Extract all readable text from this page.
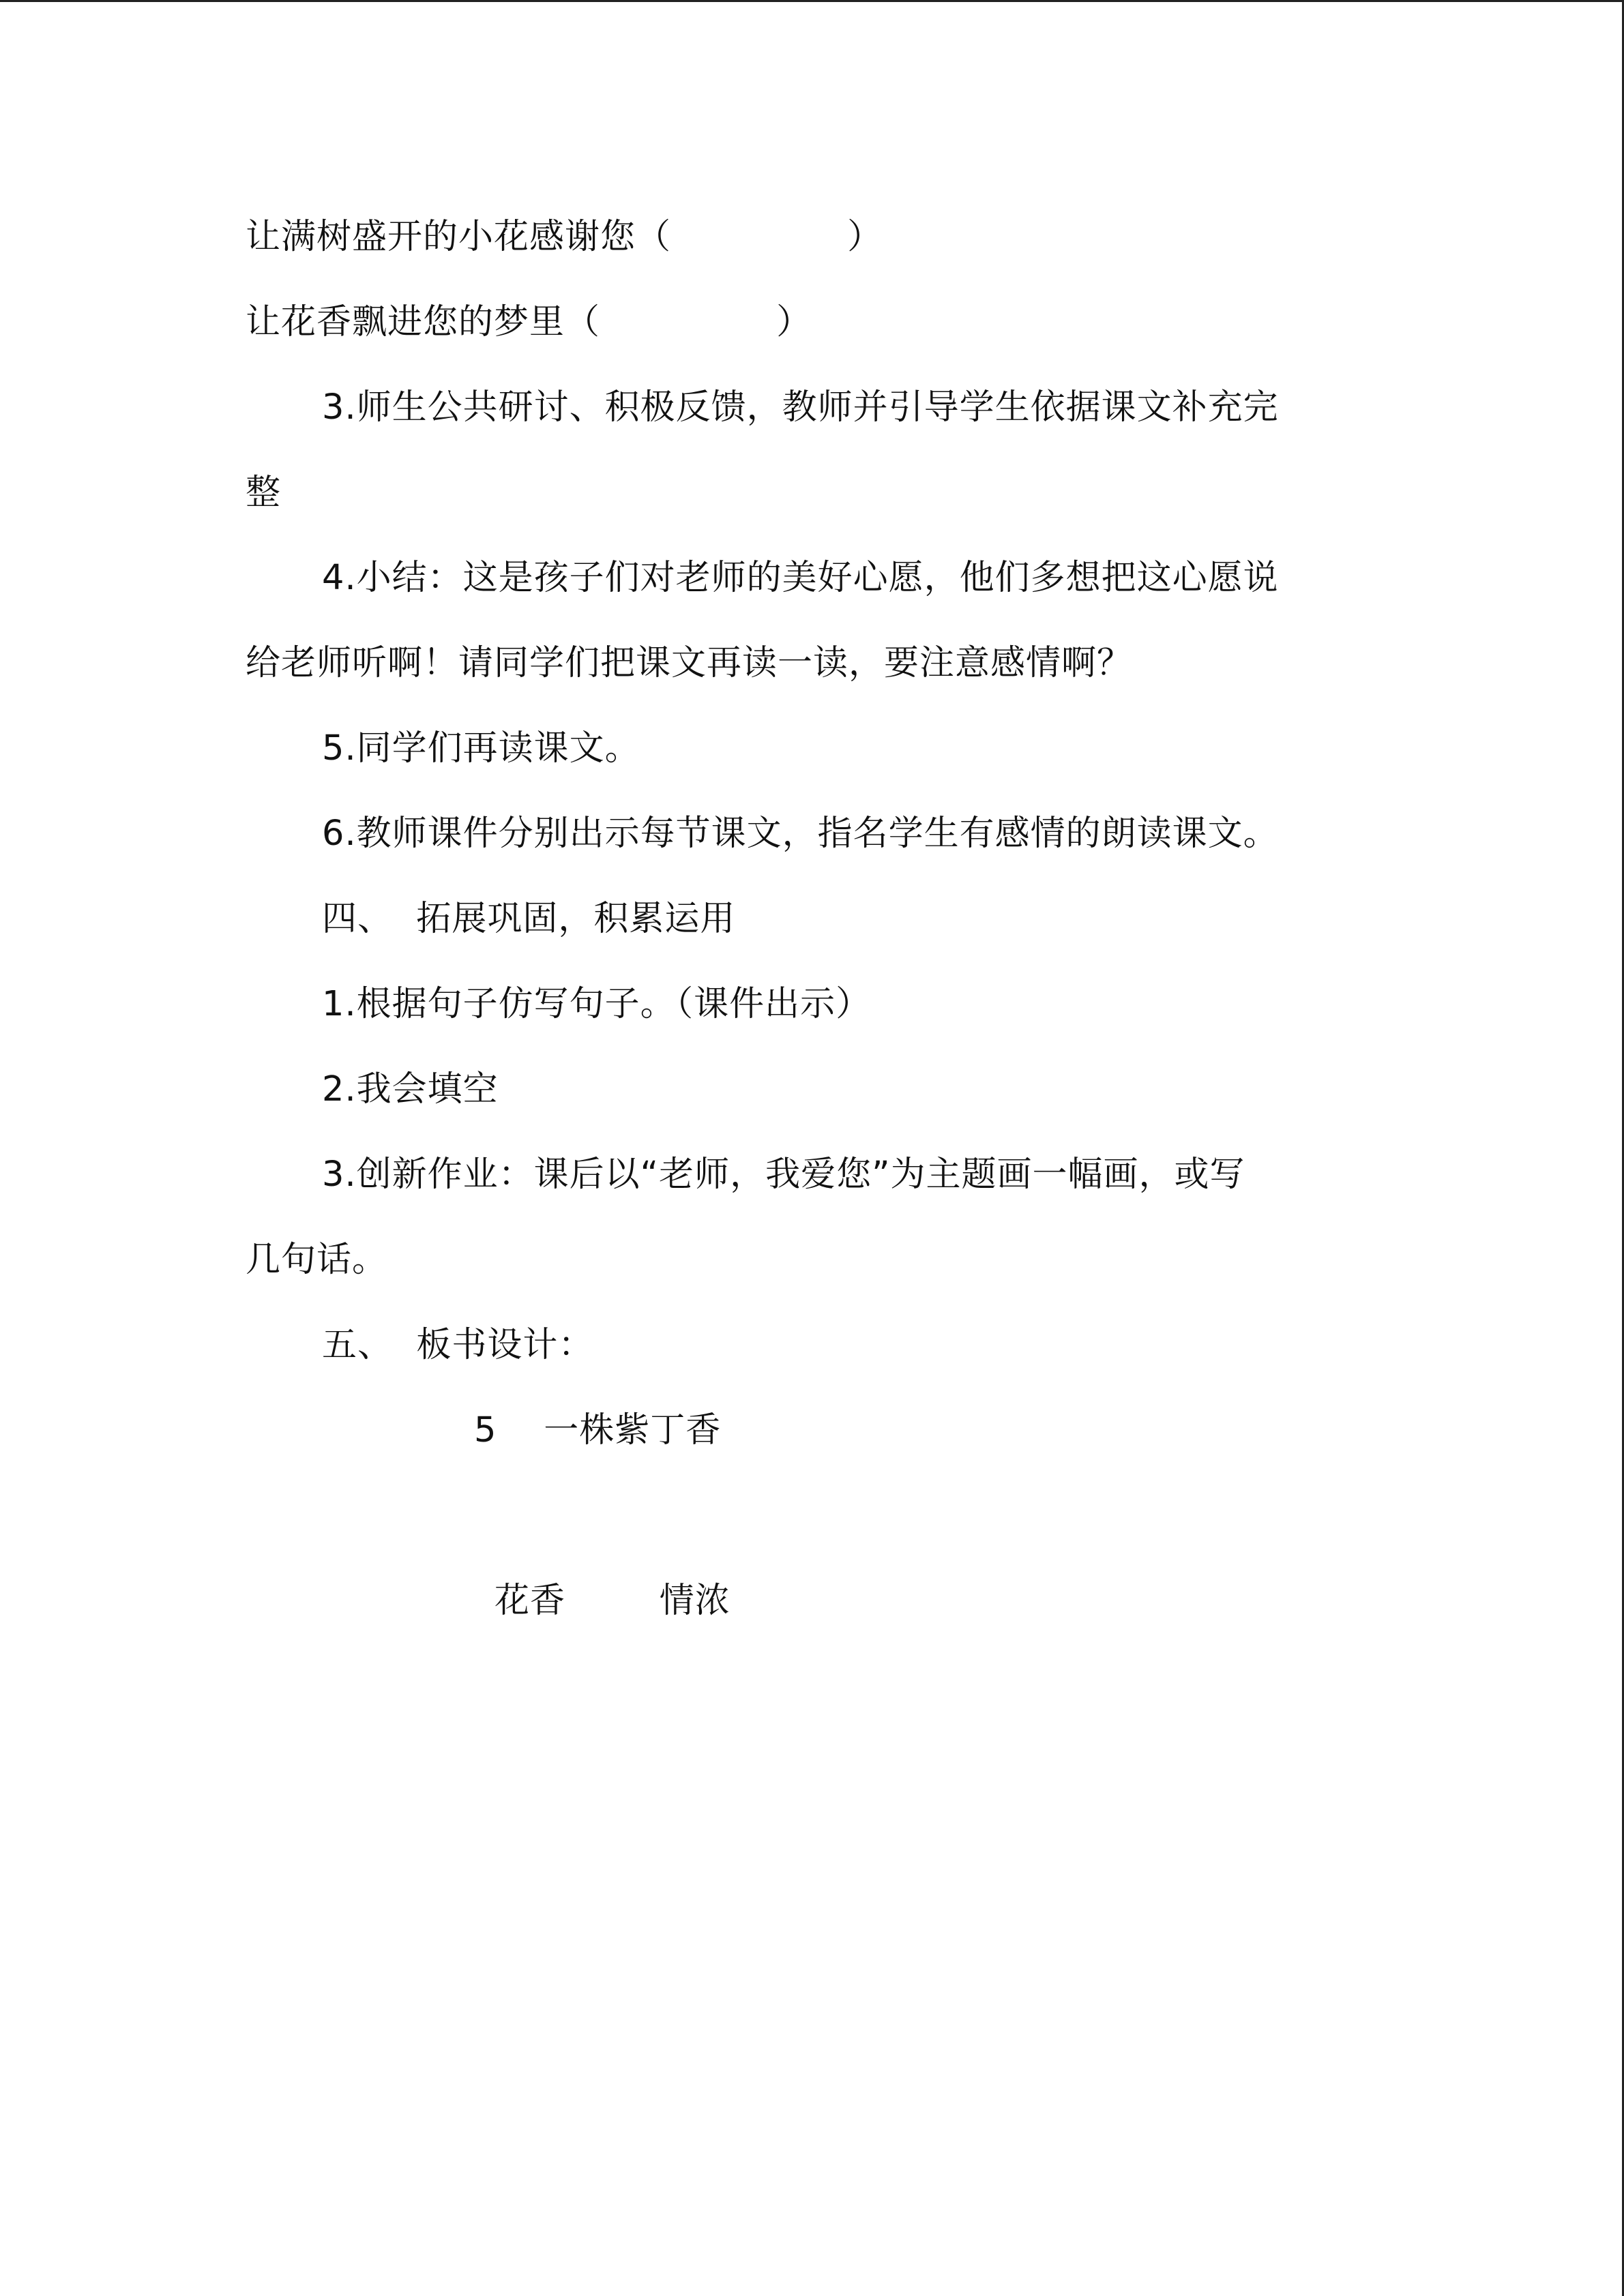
让满树盛开的小花感谢您（               ）
让花香飘进您的梦里（               ）
3.师生公共研讨、积极反馈，教师并引导学生依据课文补充完
整
4.小结：这是孩子们对老师的美好心愿，他们多想把这心愿说
给老师听啊！请同学们把课文再读一读，要注意感情啊？
5.同学们再读课文。
6.教师课件分别出示每节课文，指名学生有感情的朗读课文。
四、  拓展巩固，积累运用
1.根据句子仿写句子。（课件出示）
2.我会填空
3.创新作业：课后以“老师，我爱您”为主题画一幅画，或写
几句话。
五、  板书设计：
5    一株紫丁香
花香        情浓
